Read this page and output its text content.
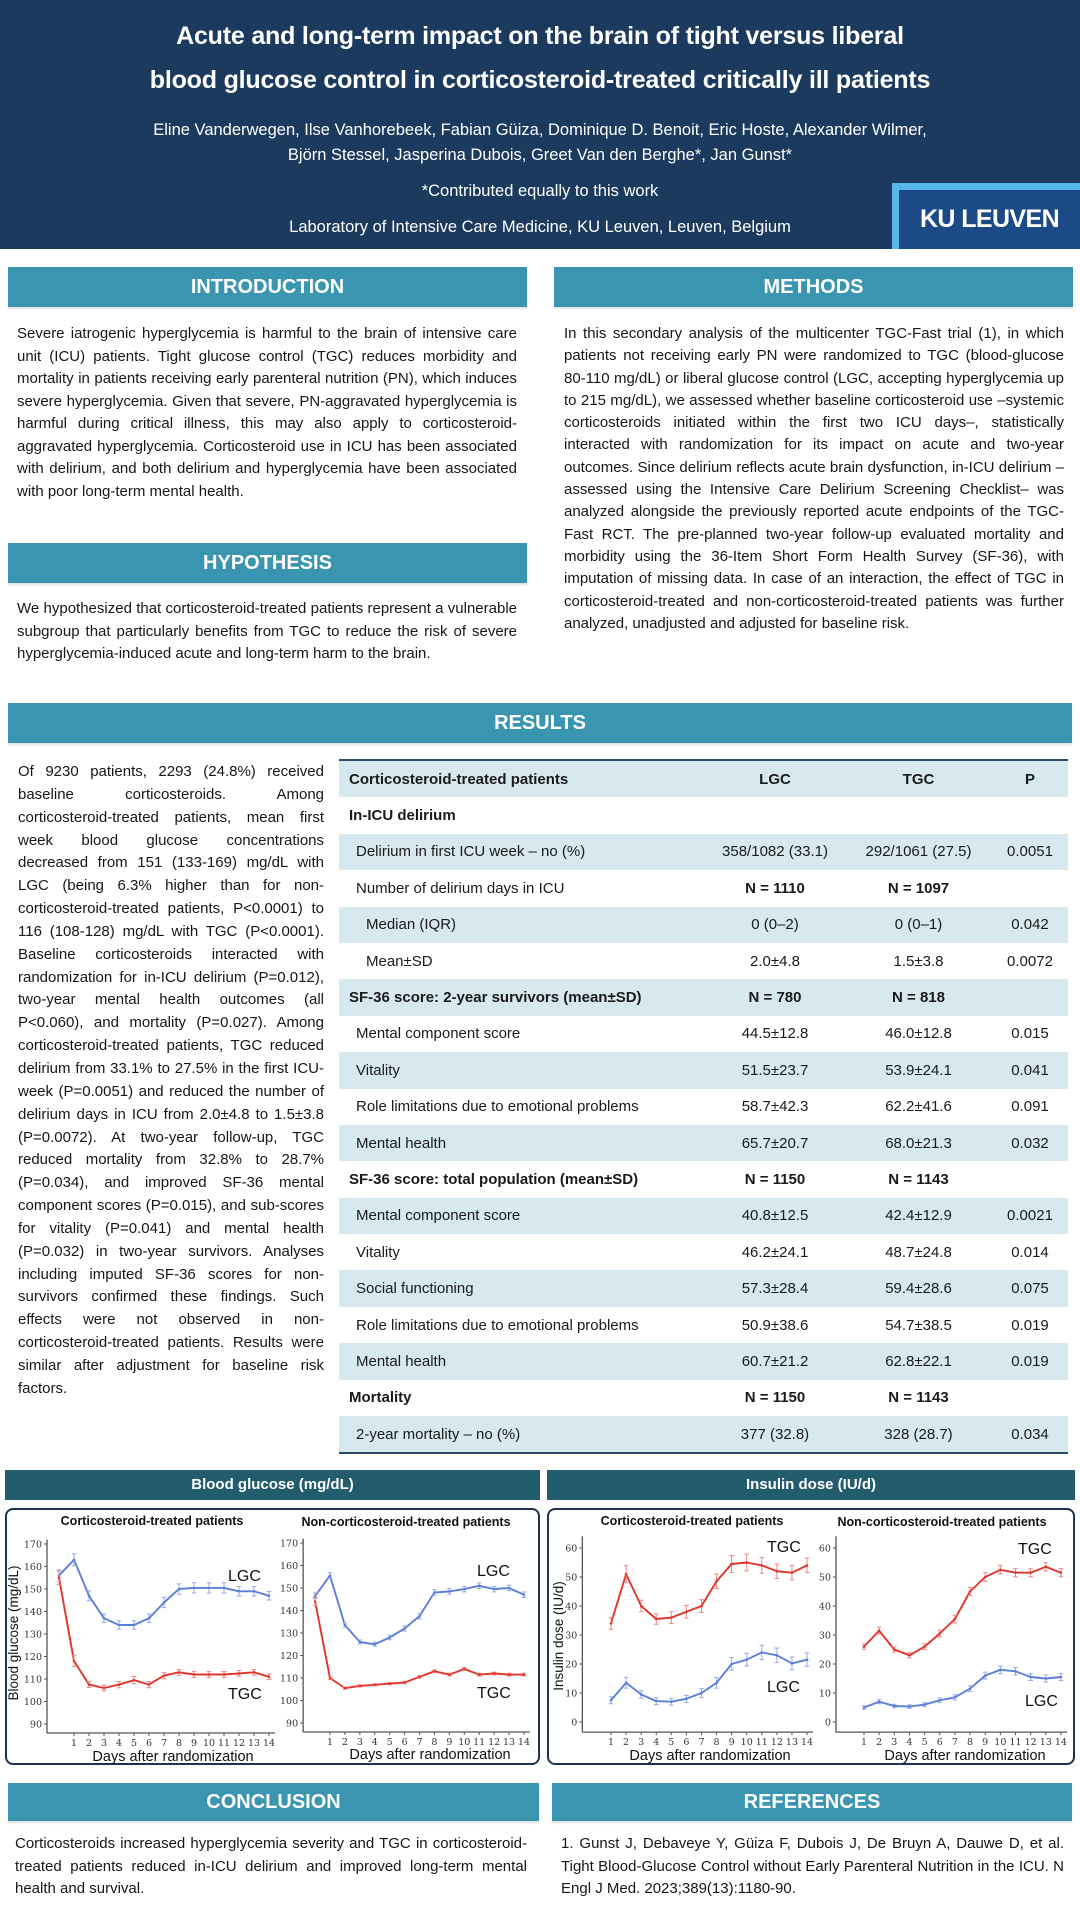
Acute and long-term impact on the brain of tight versus liberal
blood glucose control in corticosteroid-treated critically ill patients
Eline Vanderwegen, Ilse Vanhorebeek, Fabian Güiza, Dominique D. Benoit, Eric Hoste, Alexander Wilmer,
Björn Stessel, Jasperina Dubois, Greet Van den Berghe*, Jan Gunst*
*Contributed equally to this work
Laboratory of Intensive Care Medicine, KU Leuven, Leuven, Belgium	KU LEUVEN
INTRODUCTION
Severe iatrogenic hyperglycemia is harmful to the brain of intensive care unit (ICU) patients. Tight glucose control (TGC) reduces morbidity and mortality in patients receiving early parenteral nutrition (PN), which induces severe hyperglycemia. Given that severe, PN-aggravated hyperglycemia is harmful during critical illness, this may also apply to corticosteroid-aggravated hyperglycemia. Corticosteroid use in ICU has been associated with delirium, and both delirium and hyperglycemia have been associated with poor long-term mental health.
HYPOTHESIS
We hypothesized that corticosteroid-treated patients represent a vulnerable subgroup that particularly benefits from TGC to reduce the risk of severe hyperglycemia-induced acute and long-term harm to the brain.
METHODS
In this secondary analysis of the multicenter TGC-Fast trial (1), in which patients not receiving early PN were randomized to TGC (blood-glucose 80-110 mg/dL) or liberal glucose control (LGC, accepting hyperglycemia up to 215 mg/dL), we assessed whether baseline corticosteroid use –systemic corticosteroids initiated within the first two ICU days–, statistically interacted with randomization for its impact on acute and two-year outcomes. Since delirium reflects acute brain dysfunction, in-ICU delirium –assessed using the Intensive Care Delirium Screening Checklist– was analyzed alongside the previously reported acute endpoints of the TGC-Fast RCT. The pre-planned two-year follow-up evaluated mortality and morbidity using the 36-Item Short Form Health Survey (SF-36), with imputation of missing data. In case of an interaction, the effect of TGC in corticosteroid-treated and non-corticosteroid-treated patients was further analyzed, unadjusted and adjusted for baseline risk.
RESULTS
Of 9230 patients, 2293 (24.8%) received baseline corticosteroids. Among corticosteroid-treated patients, mean first week blood glucose concentrations decreased from 151 (133-169) mg/dL with LGC (being 6.3% higher than for non-corticosteroid-treated patients, P<0.0001) to 116 (108-128) mg/dL with TGC (P<0.0001). Baseline corticosteroids interacted with randomization for in-ICU delirium (P=0.012), two-year mental health outcomes (all P<0.060), and mortality (P=0.027). Among corticosteroid-treated patients, TGC reduced delirium from 33.1% to 27.5% in the first ICU-week (P=0.0051) and reduced the number of delirium days in ICU from 2.0±4.8 to 1.5±3.8 (P=0.0072). At two-year follow-up, TGC reduced mortality from 32.8% to 28.7% (P=0.034), and improved SF-36 mental component scores (P=0.015), and sub-scores for vitality (P=0.041) and mental health (P=0.032) in two-year survivors. Analyses including imputed SF-36 scores for non-survivors confirmed these findings. Such effects were not observed in non-corticosteroid-treated patients. Results were similar after adjustment for baseline risk factors.
Corticosteroid-treated patients	LGC	TGC	P
In-ICU delirium
Delirium in first ICU week – no (%)	358/1082 (33.1)	292/1061 (27.5)	0.0051
Number of delirium days in ICU	N = 1110	N = 1097
Median (IQR)	0 (0–2)	0 (0–1)	0.042
Mean±SD	2.0±4.8	1.5±3.8	0.0072
SF-36 score: 2-year survivors (mean±SD)	N = 780	N = 818
Mental component score	44.5±12.8	46.0±12.8	0.015
Vitality	51.5±23.7	53.9±24.1	0.041
Role limitations due to emotional problems	58.7±42.3	62.2±41.6	0.091
Mental health	65.7±20.7	68.0±21.3	0.032
SF-36 score: total population (mean±SD)	N = 1150	N = 1143
Mental component score	40.8±12.5	42.4±12.9	0.0021
Vitality	46.2±24.1	48.7±24.8	0.014
Social functioning	57.3±28.4	59.4±28.6	0.075
Role limitations due to emotional problems	50.9±38.6	54.7±38.5	0.019
Mental health	60.7±21.2	62.8±22.1	0.019
Mortality	N = 1150	N = 1143
2-year mortality – no (%)	377 (32.8)	328 (28.7)	0.034
Blood glucose (mg/dL)	Insulin dose (IU/d)
90
100
110
120
130
140
150
160
170
1 2 3 4 5 6 7 8 9 10 11 12 13 14
LGC
TGC
Corticosteroid-treated patients
Days after randomization
Blood glucose (mg/dL)
90
100
110
120
130
140
150
160
170
1 2 3 4 5 6 7 8 9 10 11 12 13 14
LGC
TGC
Non-corticosteroid-treated patients
Days after randomization
0
10
20
30
40
50
60
1 2 3 4 5 6 7 8 9 10 11 12 13 14
TGC
LGC
Corticosteroid-treated patients
Days after randomization
Insulin dose (IU/d)
0
10
20
30
40
50
60
1 2 3 4 5 6 7 8 9 10 11 12 13 14
TGC
LGC
Non-corticosteroid-treated patients
Days after randomization
CONCLUSION
Corticosteroids increased hyperglycemia severity and TGC in corticosteroid-treated patients reduced in-ICU delirium and improved long-term mental health and survival.
REFERENCES
1. Gunst J, Debaveye Y, Güiza F, Dubois J, De Bruyn A, Dauwe D, et al. Tight Blood-Glucose Control without Early Parenteral Nutrition in the ICU. N Engl J Med. 2023;389(13):1180-90.
